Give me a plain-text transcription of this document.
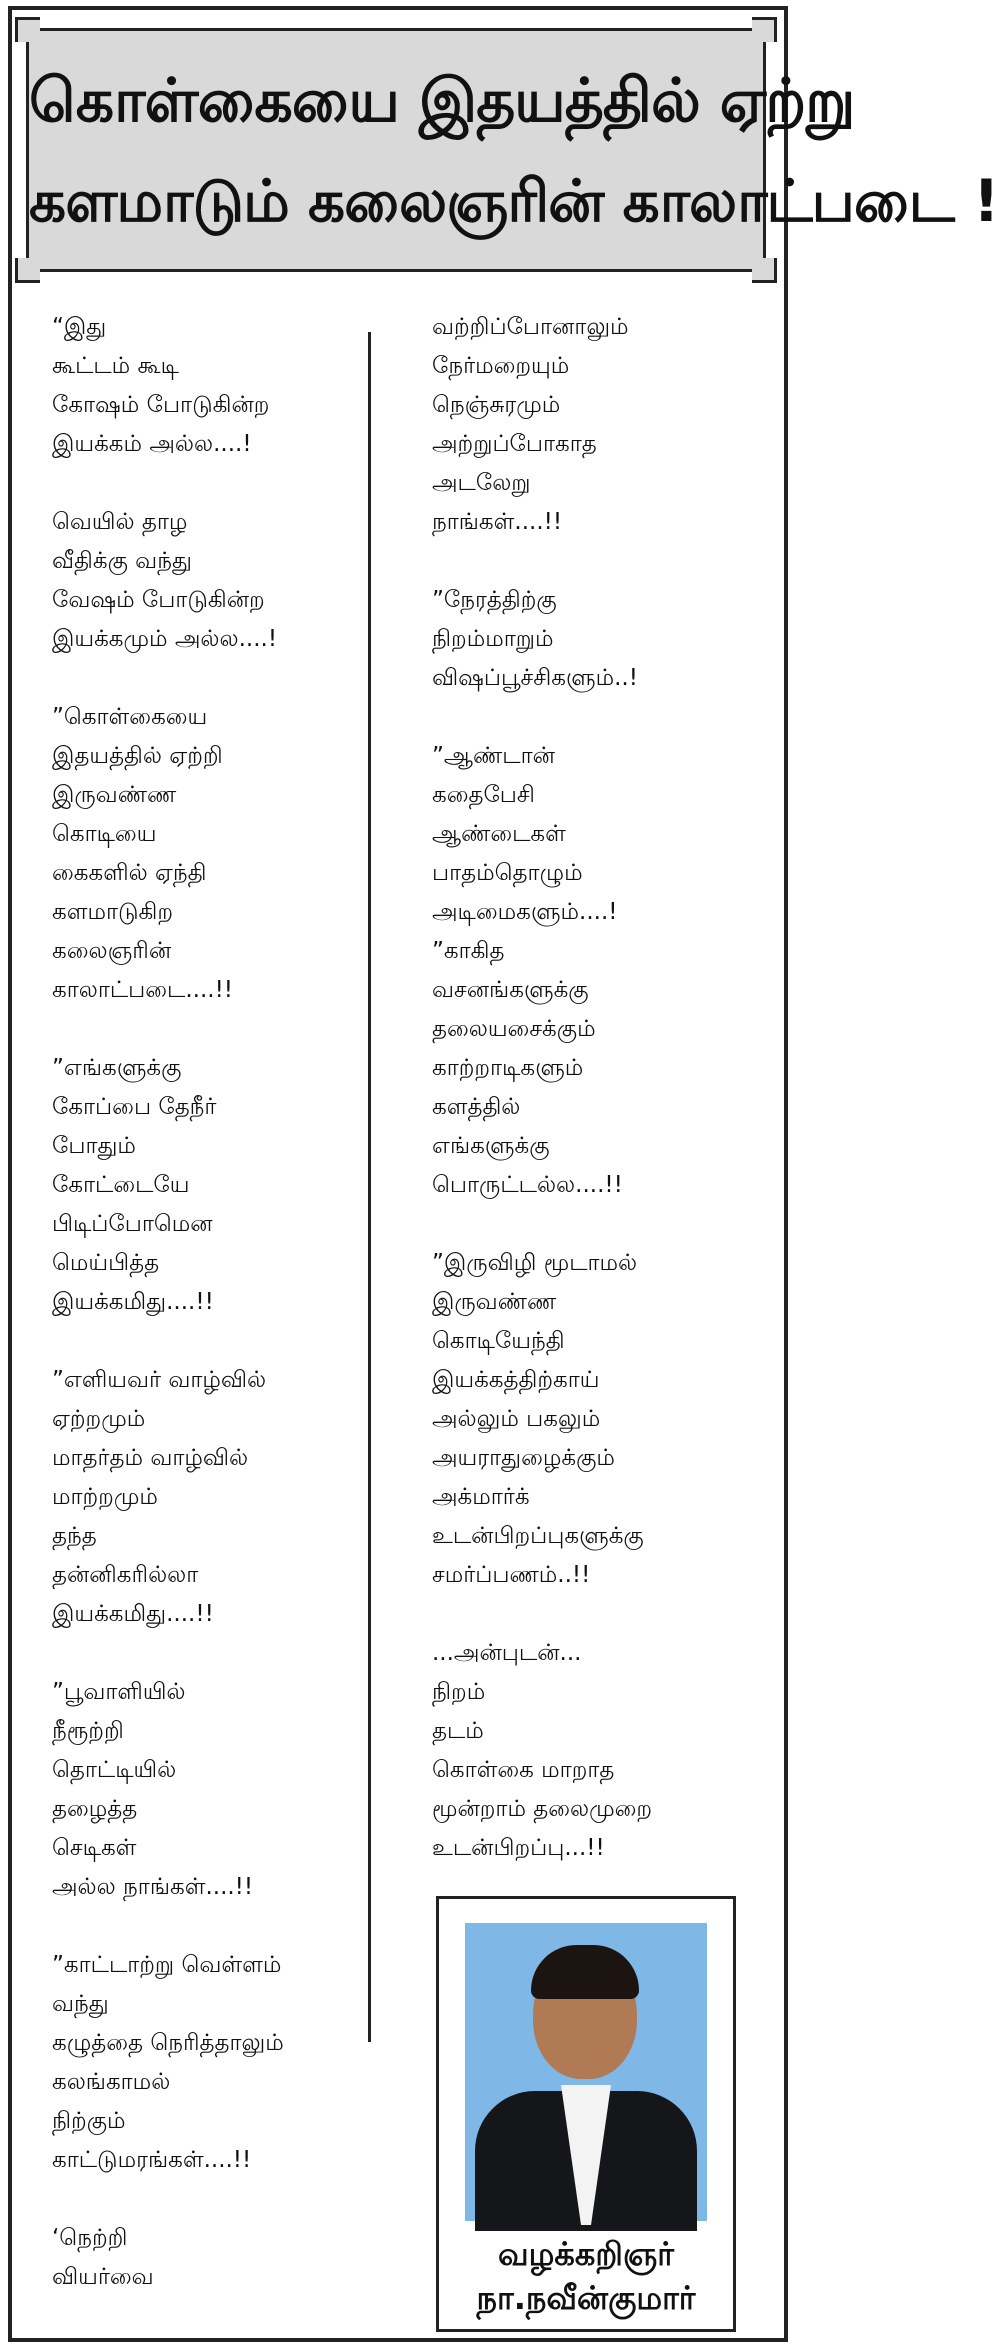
கொள்கையை இதயத்தில் ஏற்று
களமாடும் கலைஞரின் காலாட்படை !
“இது
கூட்டம் கூடி
கோஷம் போடுகின்ற
இயக்கம் அல்ல....!
வெயில் தாழ
வீதிக்கு வந்து
வேஷம் போடுகின்ற
இயக்கமும் அல்ல....!
”கொள்கையை
இதயத்தில் ஏற்றி
இருவண்ண
கொடியை
கைகளில் ஏந்தி
களமாடுகிற
கலைஞரின்
காலாட்படை....!!
”எங்களுக்கு
கோப்பை தேநீர்
போதும்
கோட்டையே
பிடிப்போமென
மெய்பித்த
இயக்கமிது....!!
”எளியவர் வாழ்வில்
ஏற்றமும்
மாதர்தம் வாழ்வில்
மாற்றமும்
தந்த
தன்னிகரில்லா
இயக்கமிது....!!
”பூவாளியில்
நீரூற்றி
தொட்டியில்
தழைத்த
செடிகள்
அல்ல நாங்கள்....!!
”காட்டாற்று வெள்ளம்
வந்து
கழுத்தை நெரித்தாலும்
கலங்காமல்
நிற்கும்
காட்டுமரங்கள்....!!
‘நெற்றி
வியர்வை
வற்றிப்போனாலும்
நேர்மறையும்
நெஞ்சுரமும்
அற்றுப்போகாத
அடலேறு
நாங்கள்....!!
”நேரத்திற்கு
நிறம்மாறும்
விஷப்பூச்சிகளும்..!
”ஆண்டான்
கதைபேசி
ஆண்டைகள்
பாதம்தொழும்
அடிமைகளும்....!
”காகித
வசனங்களுக்கு
தலையசைக்கும்
காற்றாடிகளும்
களத்தில்
எங்களுக்கு
பொருட்டல்ல....!!
”இருவிழி மூடாமல்
இருவண்ண
கொடியேந்தி
இயக்கத்திற்காய்
அல்லும் பகலும்
அயராதுழைக்கும்
அக்மார்க்
உடன்பிறப்புகளுக்கு
சமர்ப்பணம்..!!
...அன்புடன்...
நிறம்
தடம்
கொள்கை மாறாத
மூன்றாம் தலைமுறை
உடன்பிறப்பு...!!
வழக்கறிஞர்
நா.நவீன்குமார்
